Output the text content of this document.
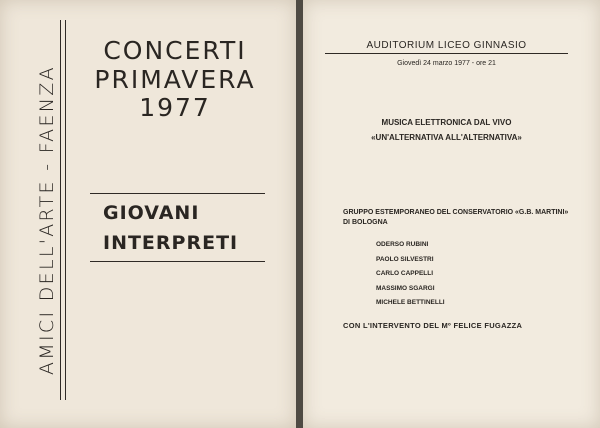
AMICI DELL'ARTE - FAENZA
CONCERTI
PRIMAVERA
1977
GIOVANI
INTERPRETI
AUDITORIUM LICEO GINNASIO
Giovedì 24 marzo 1977 - ore 21
MUSICA ELETTRONICA DAL VIVO
«UN'ALTERNATIVA ALL'ALTERNATIVA»
GRUPPO ESTEMPORANEO DEL CONSERVATORIO «G.B. MARTINI»
DI BOLOGNA
ODERSO RUBINI
PAOLO SILVESTRI
CARLO CAPPELLI
MASSIMO SGARGI
MICHELE BETTINELLI
CON L'INTERVENTO DEL Mº FELICE FUGAZZA
